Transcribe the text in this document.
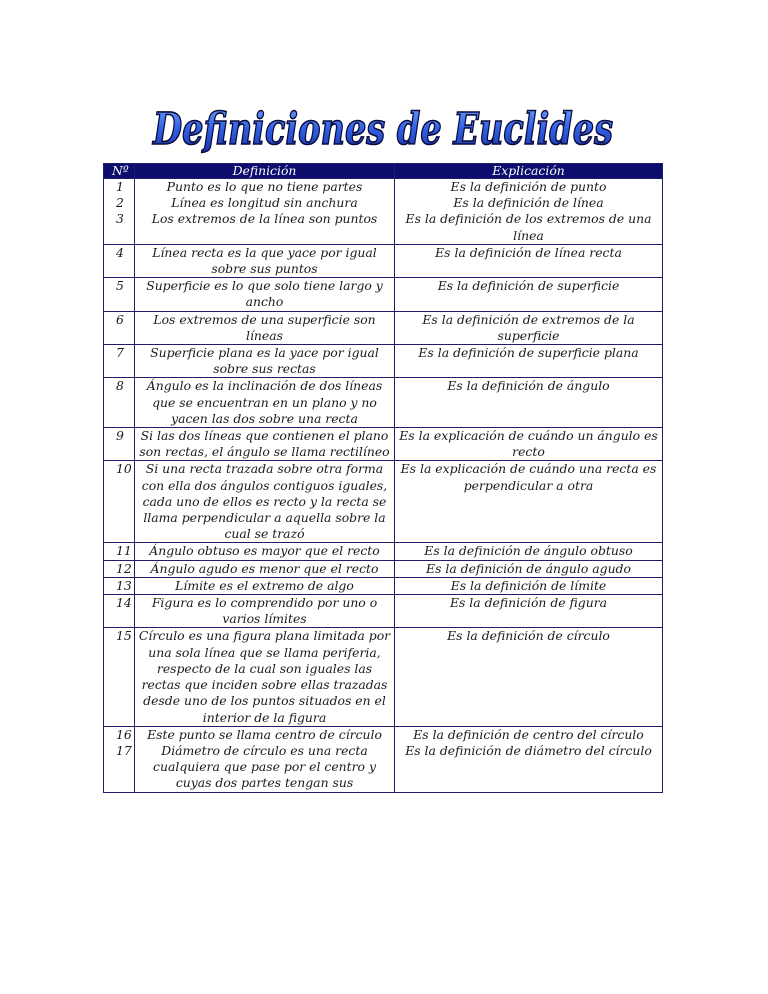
Definiciones de Euclides
Nº	Definición	Explicación
1	Punto es lo que no tiene partes	Es la definición de punto
2	Línea es longitud sin anchura	Es la definición de línea
3	Los extremos de la línea son puntos	Es la definición de los extremos de una línea
4	Línea recta es la que yace por igual sobre sus puntos	Es la definición de línea recta
5	Superficie es lo que solo tiene largo y ancho	Es la definición de superficie
6	Los extremos de una superficie son líneas	Es la definición de extremos de la superficie
7	Superficie plana es la yace por igual sobre sus rectas	Es la definición de superficie plana
8	Ángulo es la inclinación de dos líneas que se encuentran en un plano y no yacen las dos sobre una recta	Es la definición de ángulo
9	Si las dos líneas que contienen el plano son rectas, el ángulo se llama rectilíneo	Es la explicación de cuándo un ángulo es recto
10	Si una recta trazada sobre otra forma con ella dos ángulos contiguos iguales, cada uno de ellos es recto y la recta se llama perpendicular a aquella sobre la cual se trazó	Es la explicación de cuándo una recta es perpendicular a otra
11	Ángulo obtuso es mayor que el recto	Es la definición de ángulo obtuso
12	Ángulo agudo es menor que el recto	Es la definición de ángulo agudo
13	Límite es el extremo de algo	Es la definición de límite
14	Figura es lo comprendido por uno o varios límites	Es la definición de figura
15	Círculo es una figura plana limitada por una sola línea que se llama periferia, respecto de la cual son iguales las rectas que inciden sobre ellas trazadas desde uno de los puntos situados en el interior de la figura	Es la definición de círculo
16	Este punto se llama centro de círculo	Es la definición de centro del círculo
17	Diámetro de círculo es una recta cualquiera que pase por el centro y cuyas dos partes tengan sus	Es la definición de diámetro del círculo
